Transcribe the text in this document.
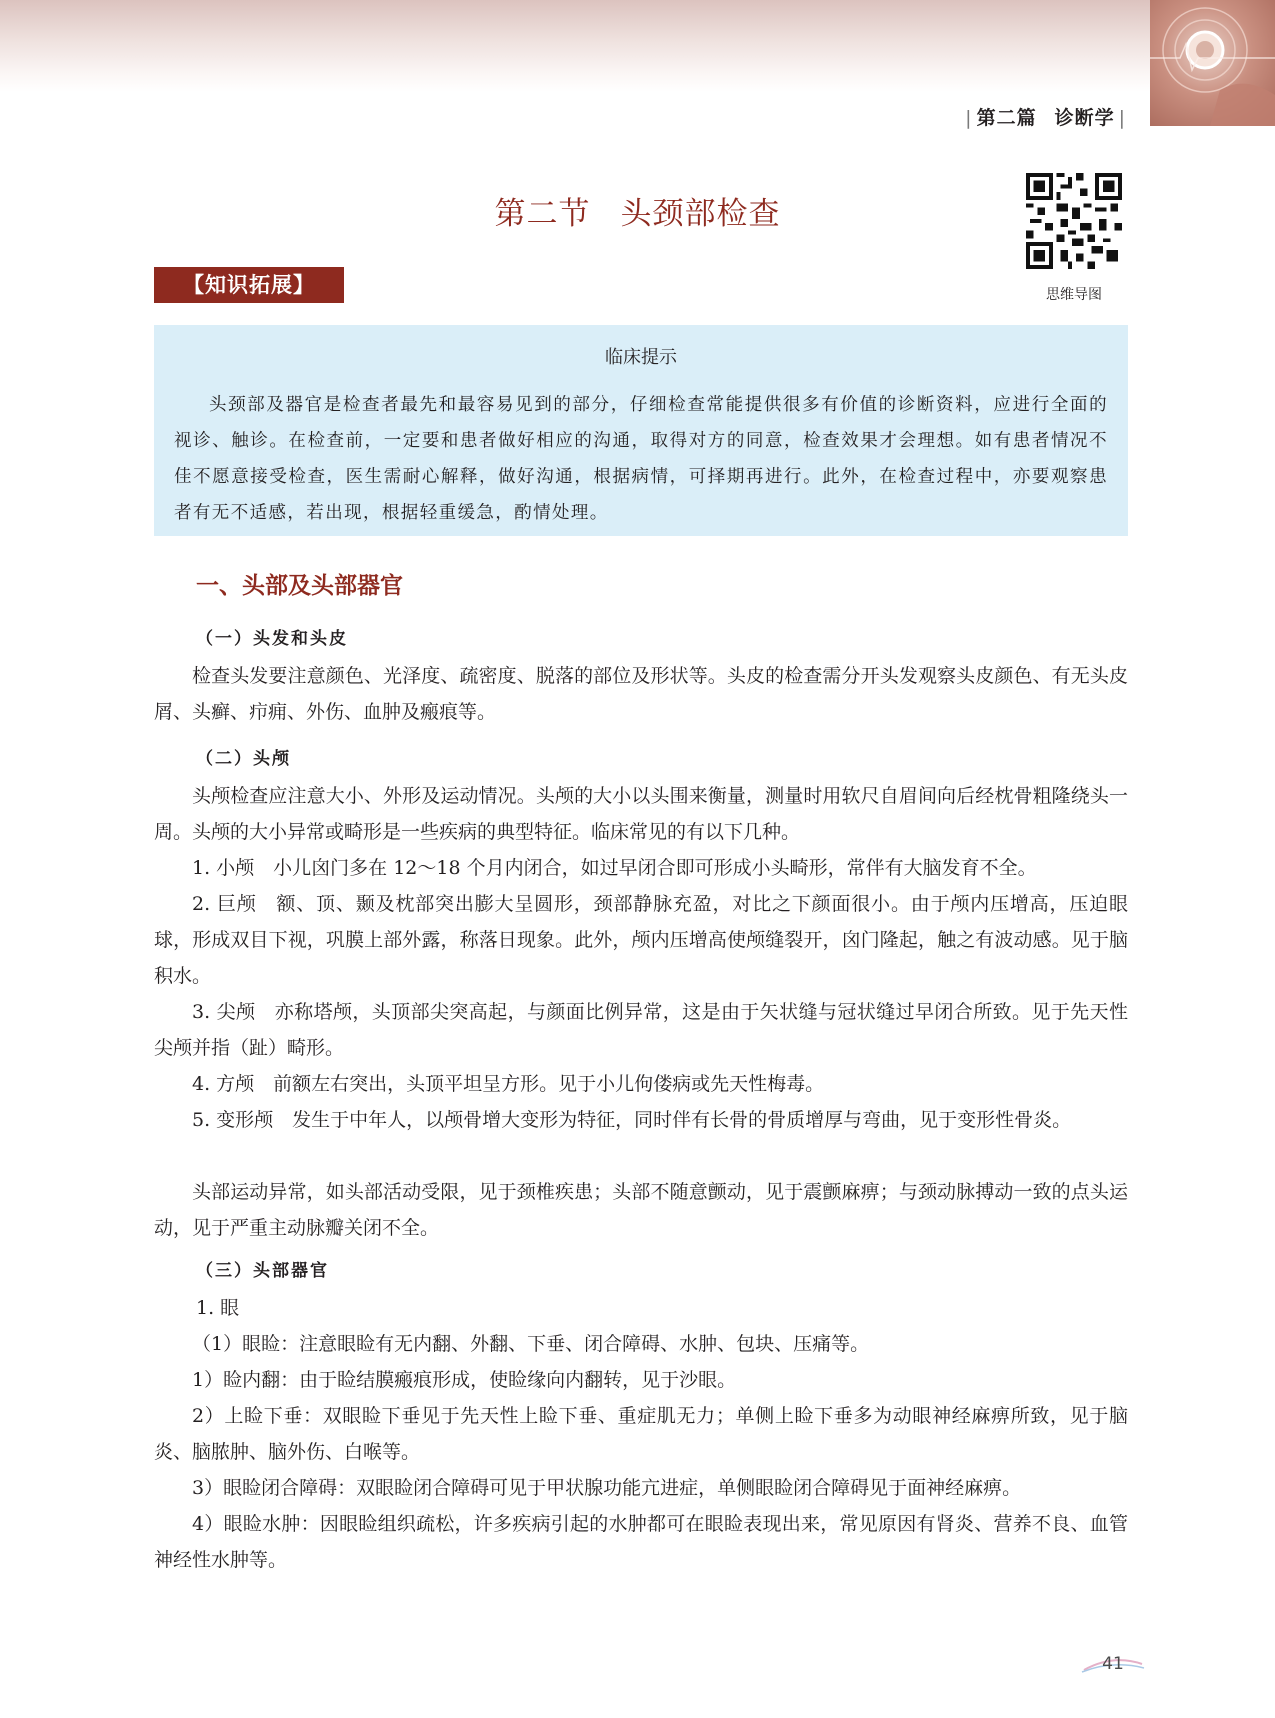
| 第二篇 诊断学 |
第二节 头颈部检查
思维导图
【知识拓展】
临床提示
头颈部及器官是检查者最先和最容易见到的部分，仔细检查常能提供很多有价值的诊断资料，应进行全面的视诊、触诊。在检查前，一定要和患者做好相应的沟通，取得对方的同意，检查效果才会理想。如有患者情况不佳不愿意接受检查，医生需耐心解释，做好沟通，根据病情，可择期再进行。此外，在检查过程中，亦要观察患者有无不适感，若出现，根据轻重缓急，酌情处理。
一、头部及头部器官
（一）头发和头皮
检查头发要注意颜色、光泽度、疏密度、脱落的部位及形状等。头皮的检查需分开头发观察头皮颜色、有无头皮屑、头癣、疖痈、外伤、血肿及瘢痕等。
（二）头颅
头颅检查应注意大小、外形及运动情况。头颅的大小以头围来衡量，测量时用软尺自眉间向后经枕骨粗隆绕头一周。头颅的大小异常或畸形是一些疾病的典型特征。临床常见的有以下几种。
1. 小颅　小儿囟门多在 12～18 个月内闭合，如过早闭合即可形成小头畸形，常伴有大脑发育不全。
2. 巨颅　额、顶、颞及枕部突出膨大呈圆形，颈部静脉充盈，对比之下颜面很小。由于颅内压增高，压迫眼球，形成双目下视，巩膜上部外露，称落日现象。此外，颅内压增高使颅缝裂开，囟门隆起，触之有波动感。见于脑积水。
3. 尖颅　亦称塔颅，头顶部尖突高起，与颜面比例异常，这是由于矢状缝与冠状缝过早闭合所致。见于先天性尖颅并指（趾）畸形。
4. 方颅　前额左右突出，头顶平坦呈方形。见于小儿佝偻病或先天性梅毒。
5. 变形颅　发生于中年人，以颅骨增大变形为特征，同时伴有长骨的骨质增厚与弯曲，见于变形性骨炎。
头部运动异常，如头部活动受限，见于颈椎疾患；头部不随意颤动，见于震颤麻痹；与颈动脉搏动一致的点头运动，见于严重主动脉瓣关闭不全。
（三）头部器官
1. 眼
（1）眼睑：注意眼睑有无内翻、外翻、下垂、闭合障碍、水肿、包块、压痛等。
1）睑内翻：由于睑结膜瘢痕形成，使睑缘向内翻转，见于沙眼。
2）上睑下垂：双眼睑下垂见于先天性上睑下垂、重症肌无力；单侧上睑下垂多为动眼神经麻痹所致，见于脑炎、脑脓肿、脑外伤、白喉等。
3）眼睑闭合障碍：双眼睑闭合障碍可见于甲状腺功能亢进症，单侧眼睑闭合障碍见于面神经麻痹。
4）眼睑水肿：因眼睑组织疏松，许多疾病引起的水肿都可在眼睑表现出来，常见原因有肾炎、营养不良、血管神经性水肿等。
41
